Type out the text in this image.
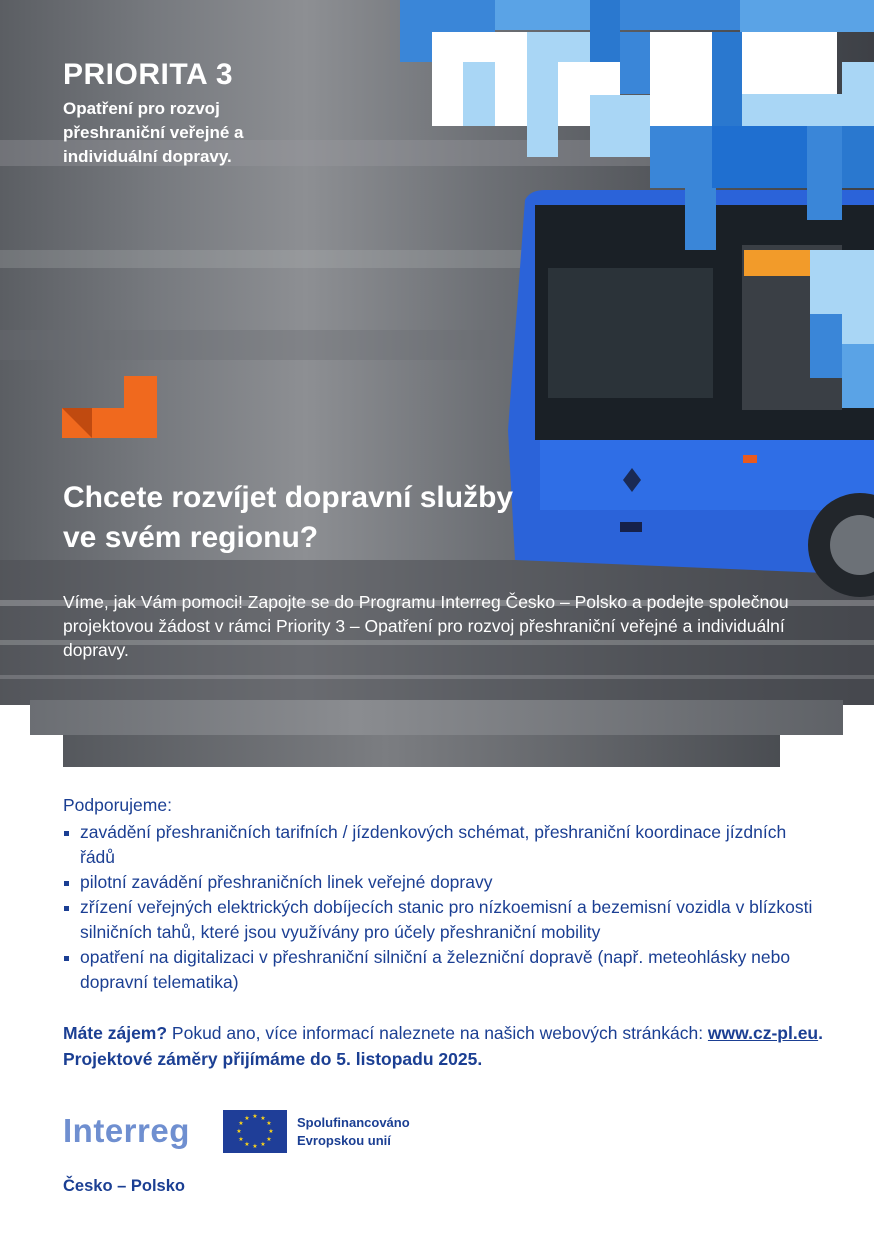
PRIORITA 3

Opatření pro rozvoj přeshraniční veřejné a individuální dopravy.

Chcete rozvíjet dopravní služby ve svém regionu?

Víme, jak Vám pomoci! Zapojte se do Programu Interreg Česko – Polsko a podejte společnou projektovou žádost v rámci Priority 3 – Opatření pro rozvoj přeshraniční veřejné a individuální dopravy.

Podporujeme:

zavádění přeshraničních tarifních / jízdenkových schémat, přeshraniční koordinace jízdních řádů
pilotní zavádění přeshraničních linek veřejné dopravy
zřízení veřejných elektrických dobíjecích stanic pro nízkoemisní a bezemisní vozidla v blízkosti silničních tahů, které jsou využívány pro účely přeshraniční mobility
opatření na digitalizaci v přeshraniční silniční a železniční dopravě (např. meteohlásky nebo dopravní telematika)

Máte zájem? Pokud ano, více informací naleznete na našich webových stránkách: www.cz-pl.eu. Projektové záměry přijímáme do 5. listopadu 2025.

Interreg	★ ★
★
★
★
★
★
★
★
★
★
★	Spolufinancováno Evropskou unií

Česko – Polsko
